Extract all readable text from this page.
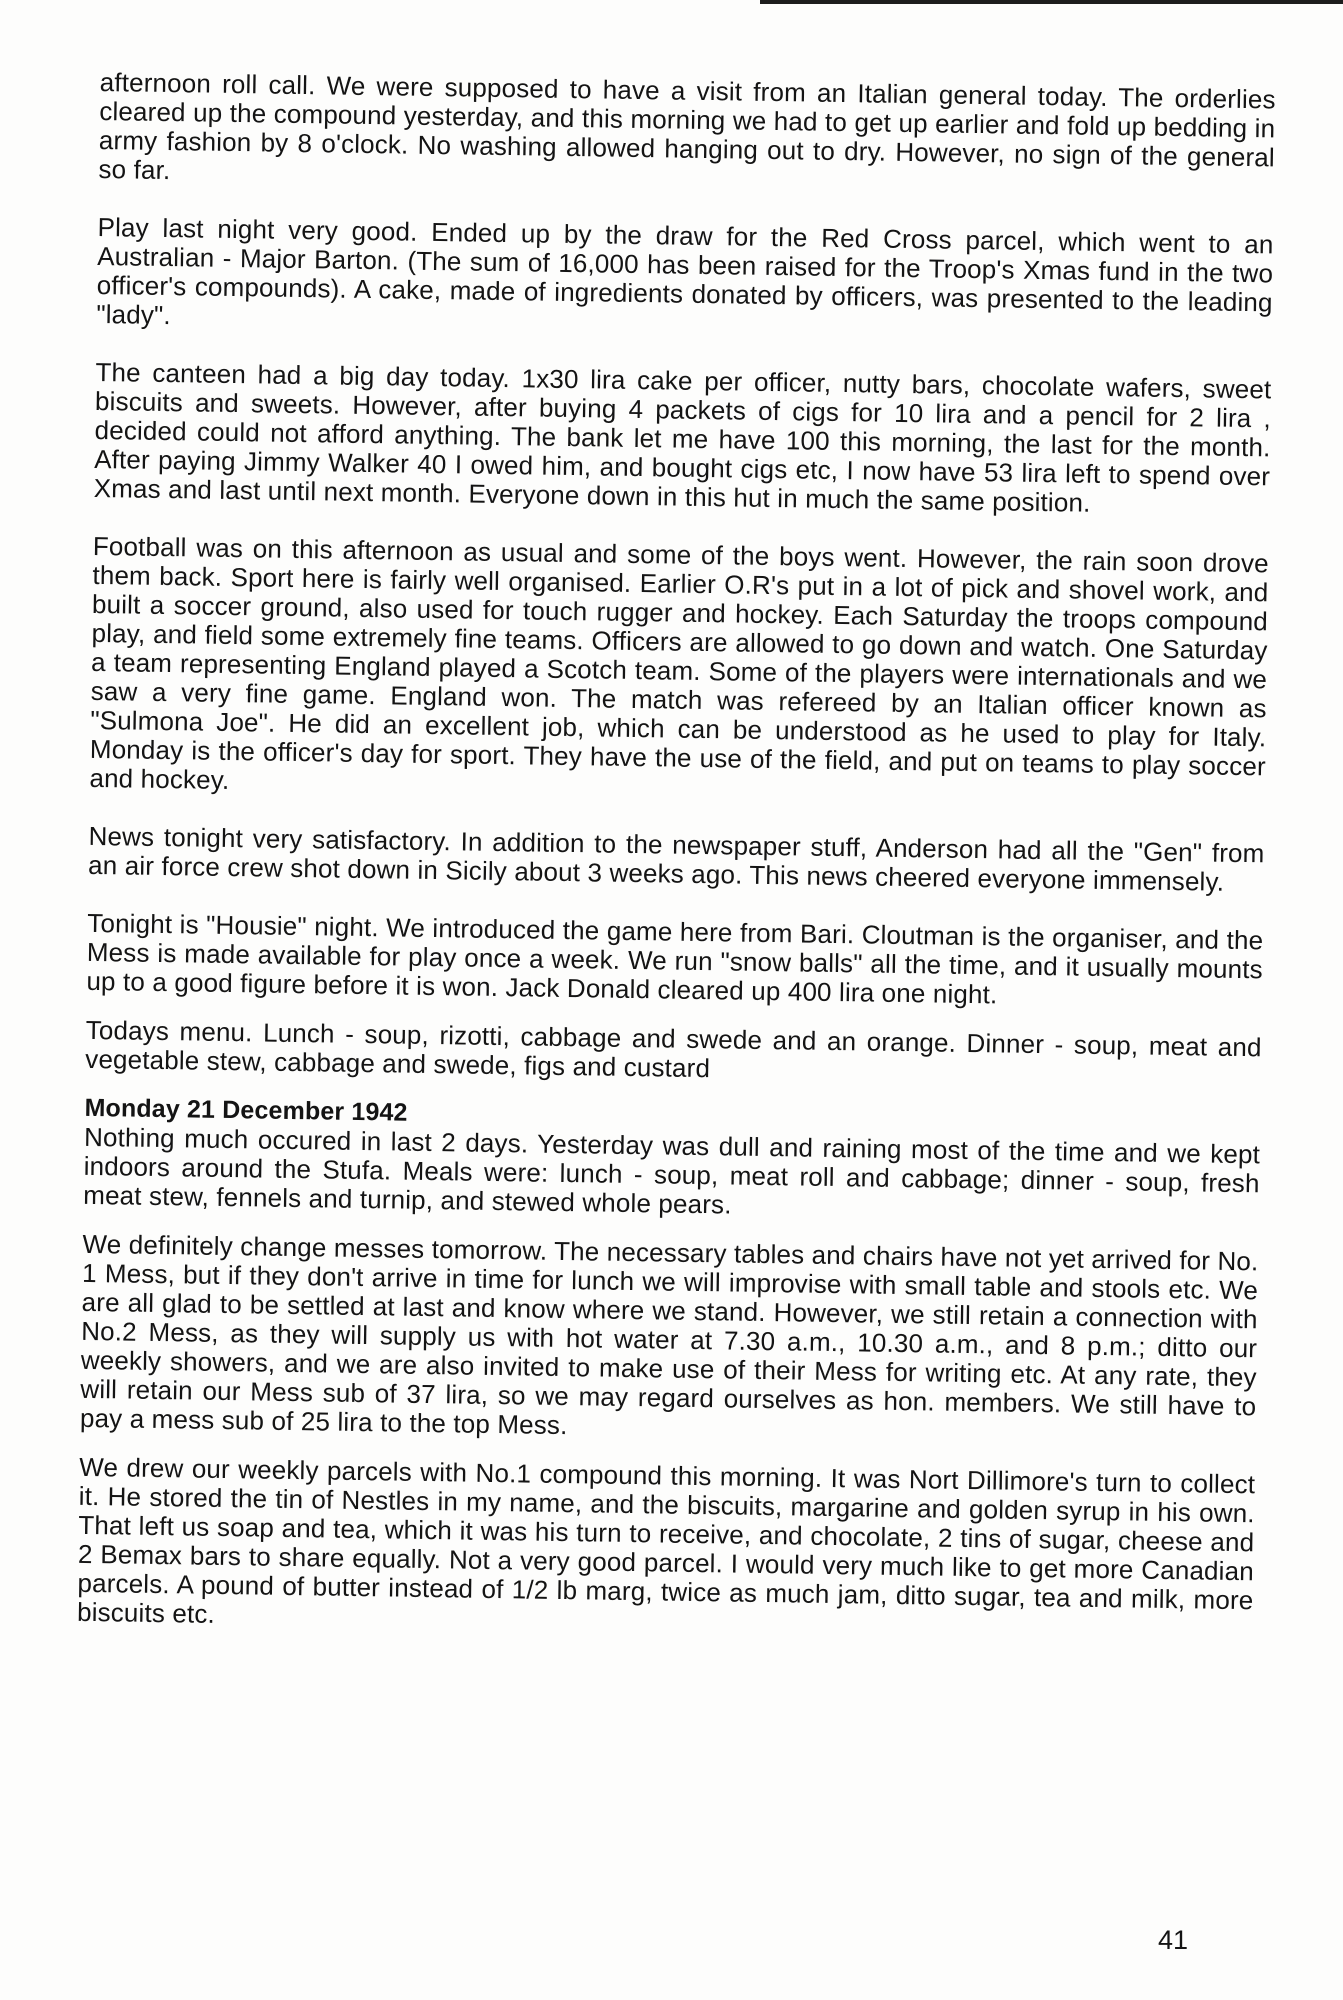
afternoon roll call. We were supposed to have a visit from an Italian general today. The orderlies cleared up the compound yesterday, and this morning we had to get up earlier and fold up bedding in army fashion by 8 o'clock. No washing allowed hanging out to dry. However, no sign of the general so far.

Play last night very good. Ended up by the draw for the Red Cross parcel, which went to an Australian - Major Barton. (The sum of 16,000 has been raised for the Troop's Xmas fund in the two officer's compounds). A cake, made of ingredients donated by officers, was presented to the leading "lady".

The canteen had a big day today. 1x30 lira cake per officer, nutty bars, chocolate wafers, sweet biscuits and sweets. However, after buying 4 packets of cigs for 10 lira and a pencil for 2 lira , decided could not afford anything. The bank let me have 100 this morning, the last for the month. After paying Jimmy Walker 40 I owed him, and bought cigs etc, I now have 53 lira left to spend over Xmas and last until next month. Everyone down in this hut in much the same position.

Football was on this afternoon as usual and some of the boys went. However, the rain soon drove them back. Sport here is fairly well organised. Earlier O.R's put in a lot of pick and shovel work, and built a soccer ground, also used for touch rugger and hockey. Each Saturday the troops compound play, and field some extremely fine teams. Officers are allowed to go down and watch. One Saturday a team representing England played a Scotch team. Some of the players were internationals and we saw a very fine game. England won. The match was refereed by an Italian officer known as "Sulmona Joe". He did an excellent job, which can be understood as he used to play for Italy. Monday is the officer's day for sport. They have the use of the field, and put on teams to play soccer and hockey.

News tonight very satisfactory. In addition to the newspaper stuff, Anderson had all the "Gen" from an air force crew shot down in Sicily about 3 weeks ago. This news cheered everyone immensely.

Tonight is "Housie" night. We introduced the game here from Bari. Cloutman is the organiser, and the Mess is made available for play once a week. We run "snow balls" all the time, and it usually mounts up to a good figure before it is won. Jack Donald cleared up 400 lira one night.

Todays menu. Lunch - soup, rizotti, cabbage and swede and an orange. Dinner - soup, meat and vegetable stew, cabbage and swede, figs and custard

Monday 21 December 1942

Nothing much occured in last 2 days. Yesterday was dull and raining most of the time and we kept indoors around the Stufa. Meals were: lunch - soup, meat roll and cabbage; dinner - soup, fresh meat stew, fennels and turnip, and stewed whole pears.

We definitely change messes tomorrow. The necessary tables and chairs have not yet arrived for No. 1 Mess, but if they don't arrive in time for lunch we will improvise with small table and stools etc. We are all glad to be settled at last and know where we stand. However, we still retain a connection with No.2 Mess, as they will supply us with hot water at 7.30 a.m., 10.30 a.m., and 8 p.m.; ditto our weekly showers, and we are also invited to make use of their Mess for writing etc. At any rate, they will retain our Mess sub of 37 lira, so we may regard ourselves as hon. members. We still have to pay a mess sub of 25 lira to the top Mess.

We drew our weekly parcels with No.1 compound this morning. It was Nort Dillimore's turn to collect it. He stored the tin of Nestles in my name, and the biscuits, margarine and golden syrup in his own. That left us soap and tea, which it was his turn to receive, and chocolate, 2 tins of sugar, cheese and 2 Bemax bars to share equally. Not a very good parcel. I would very much like to get more Canadian parcels. A pound of butter instead of 1/2 lb marg, twice as much jam, ditto sugar, tea and milk, more biscuits etc.

41
